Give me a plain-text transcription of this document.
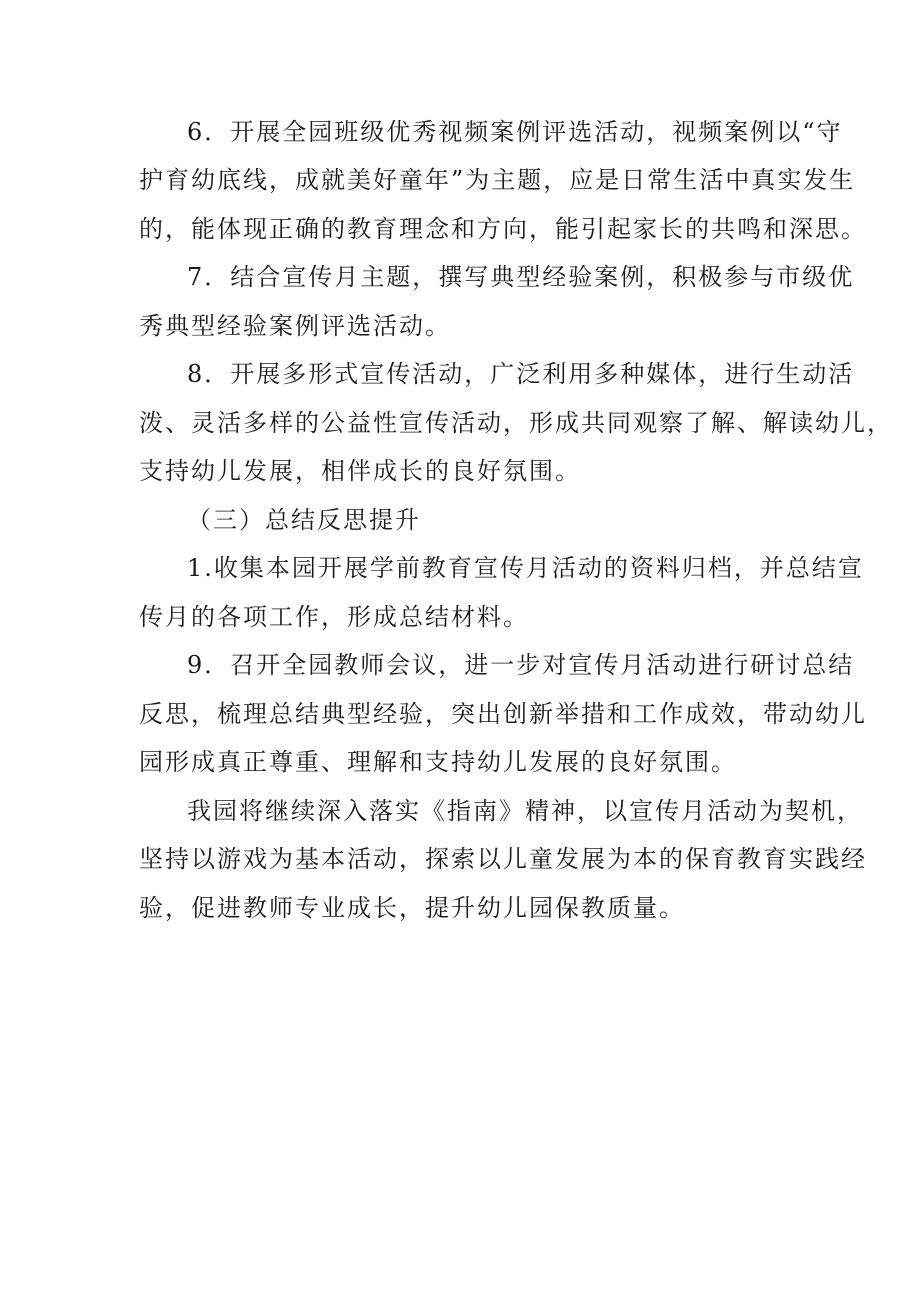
6．开展全园班级优秀视频案例评选活动，视频案例以“守
护育幼底线，成就美好童年”为主题，应是日常生活中真实发生
的，能体现正确的教育理念和方向，能引起家长的共鸣和深思。
7．结合宣传月主题，撰写典型经验案例，积极参与市级优
秀典型经验案例评选活动。
8．开展多形式宣传活动，广泛利用多种媒体，进行生动活
泼、灵活多样的公益性宣传活动，形成共同观察了解、解读幼儿，
支持幼儿发展，相伴成长的良好氛围。
（三）总结反思提升
1.收集本园开展学前教育宣传月活动的资料归档，并总结宣
传月的各项工作，形成总结材料。
9．召开全园教师会议，进一步对宣传月活动进行研讨总结
反思，梳理总结典型经验，突出创新举措和工作成效，带动幼儿
园形成真正尊重、理解和支持幼儿发展的良好氛围。
我园将继续深入落实《指南》精神，以宣传月活动为契机，
坚持以游戏为基本活动，探索以儿童发展为本的保育教育实践经
验，促进教师专业成长，提升幼儿园保教质量。
